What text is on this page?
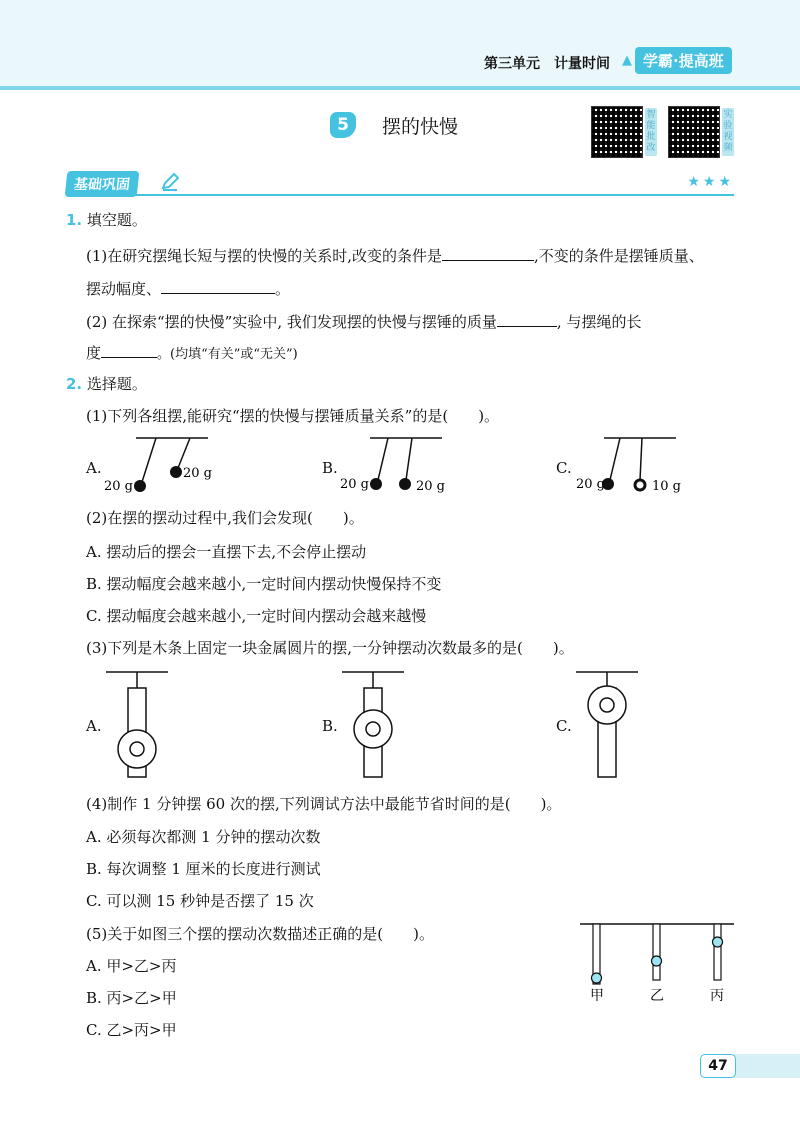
第三单元　计量时间 ▲ 学霸·提高班
5	摆的快慢
智能批改
实验视频
基础巩固	★★★
1. 填空题。
(1)在研究摆绳长短与摆的快慢的关系时,改变的条件是	,不变的条件是摆锤质量、
摆动幅度、	。
(2) 在探索“摆的快慢”实验中, 我们发现摆的快慢与摆锤的质量	, 与摆绳的长
度	。(均填“有关”或“无关”)
2. 选择题。
(1)下列各组摆,能研究“摆的快慢与摆锤质量关系”的是(　　)。
A.
20 g
20 g	B.
20 g	20 g
C.
20 g	10 g
(2)在摆的摆动过程中,我们会发现(　　)。
A. 摆动后的摆会一直摆下去,不会停止摆动
B. 摆动幅度会越来越小,一定时间内摆动快慢保持不变
C. 摆动幅度会越来越小,一定时间内摆动会越来越慢
(3)下列是木条上固定一块金属圆片的摆,一分钟摆动次数最多的是(　　)。
A.	B.	C.
(4)制作 1 分钟摆 60 次的摆,下列调试方法中最能节省时间的是(　　)。
A. 必须每次都测 1 分钟的摆动次数
B. 每次调整 1 厘米的长度进行测试
C. 可以测 15 秒钟是否摆了 15 次
(5)关于如图三个摆的摆动次数描述正确的是(　　)。
A. 甲>乙>丙
B. 丙>乙>甲
C. 乙>丙>甲
甲	乙	丙
47
